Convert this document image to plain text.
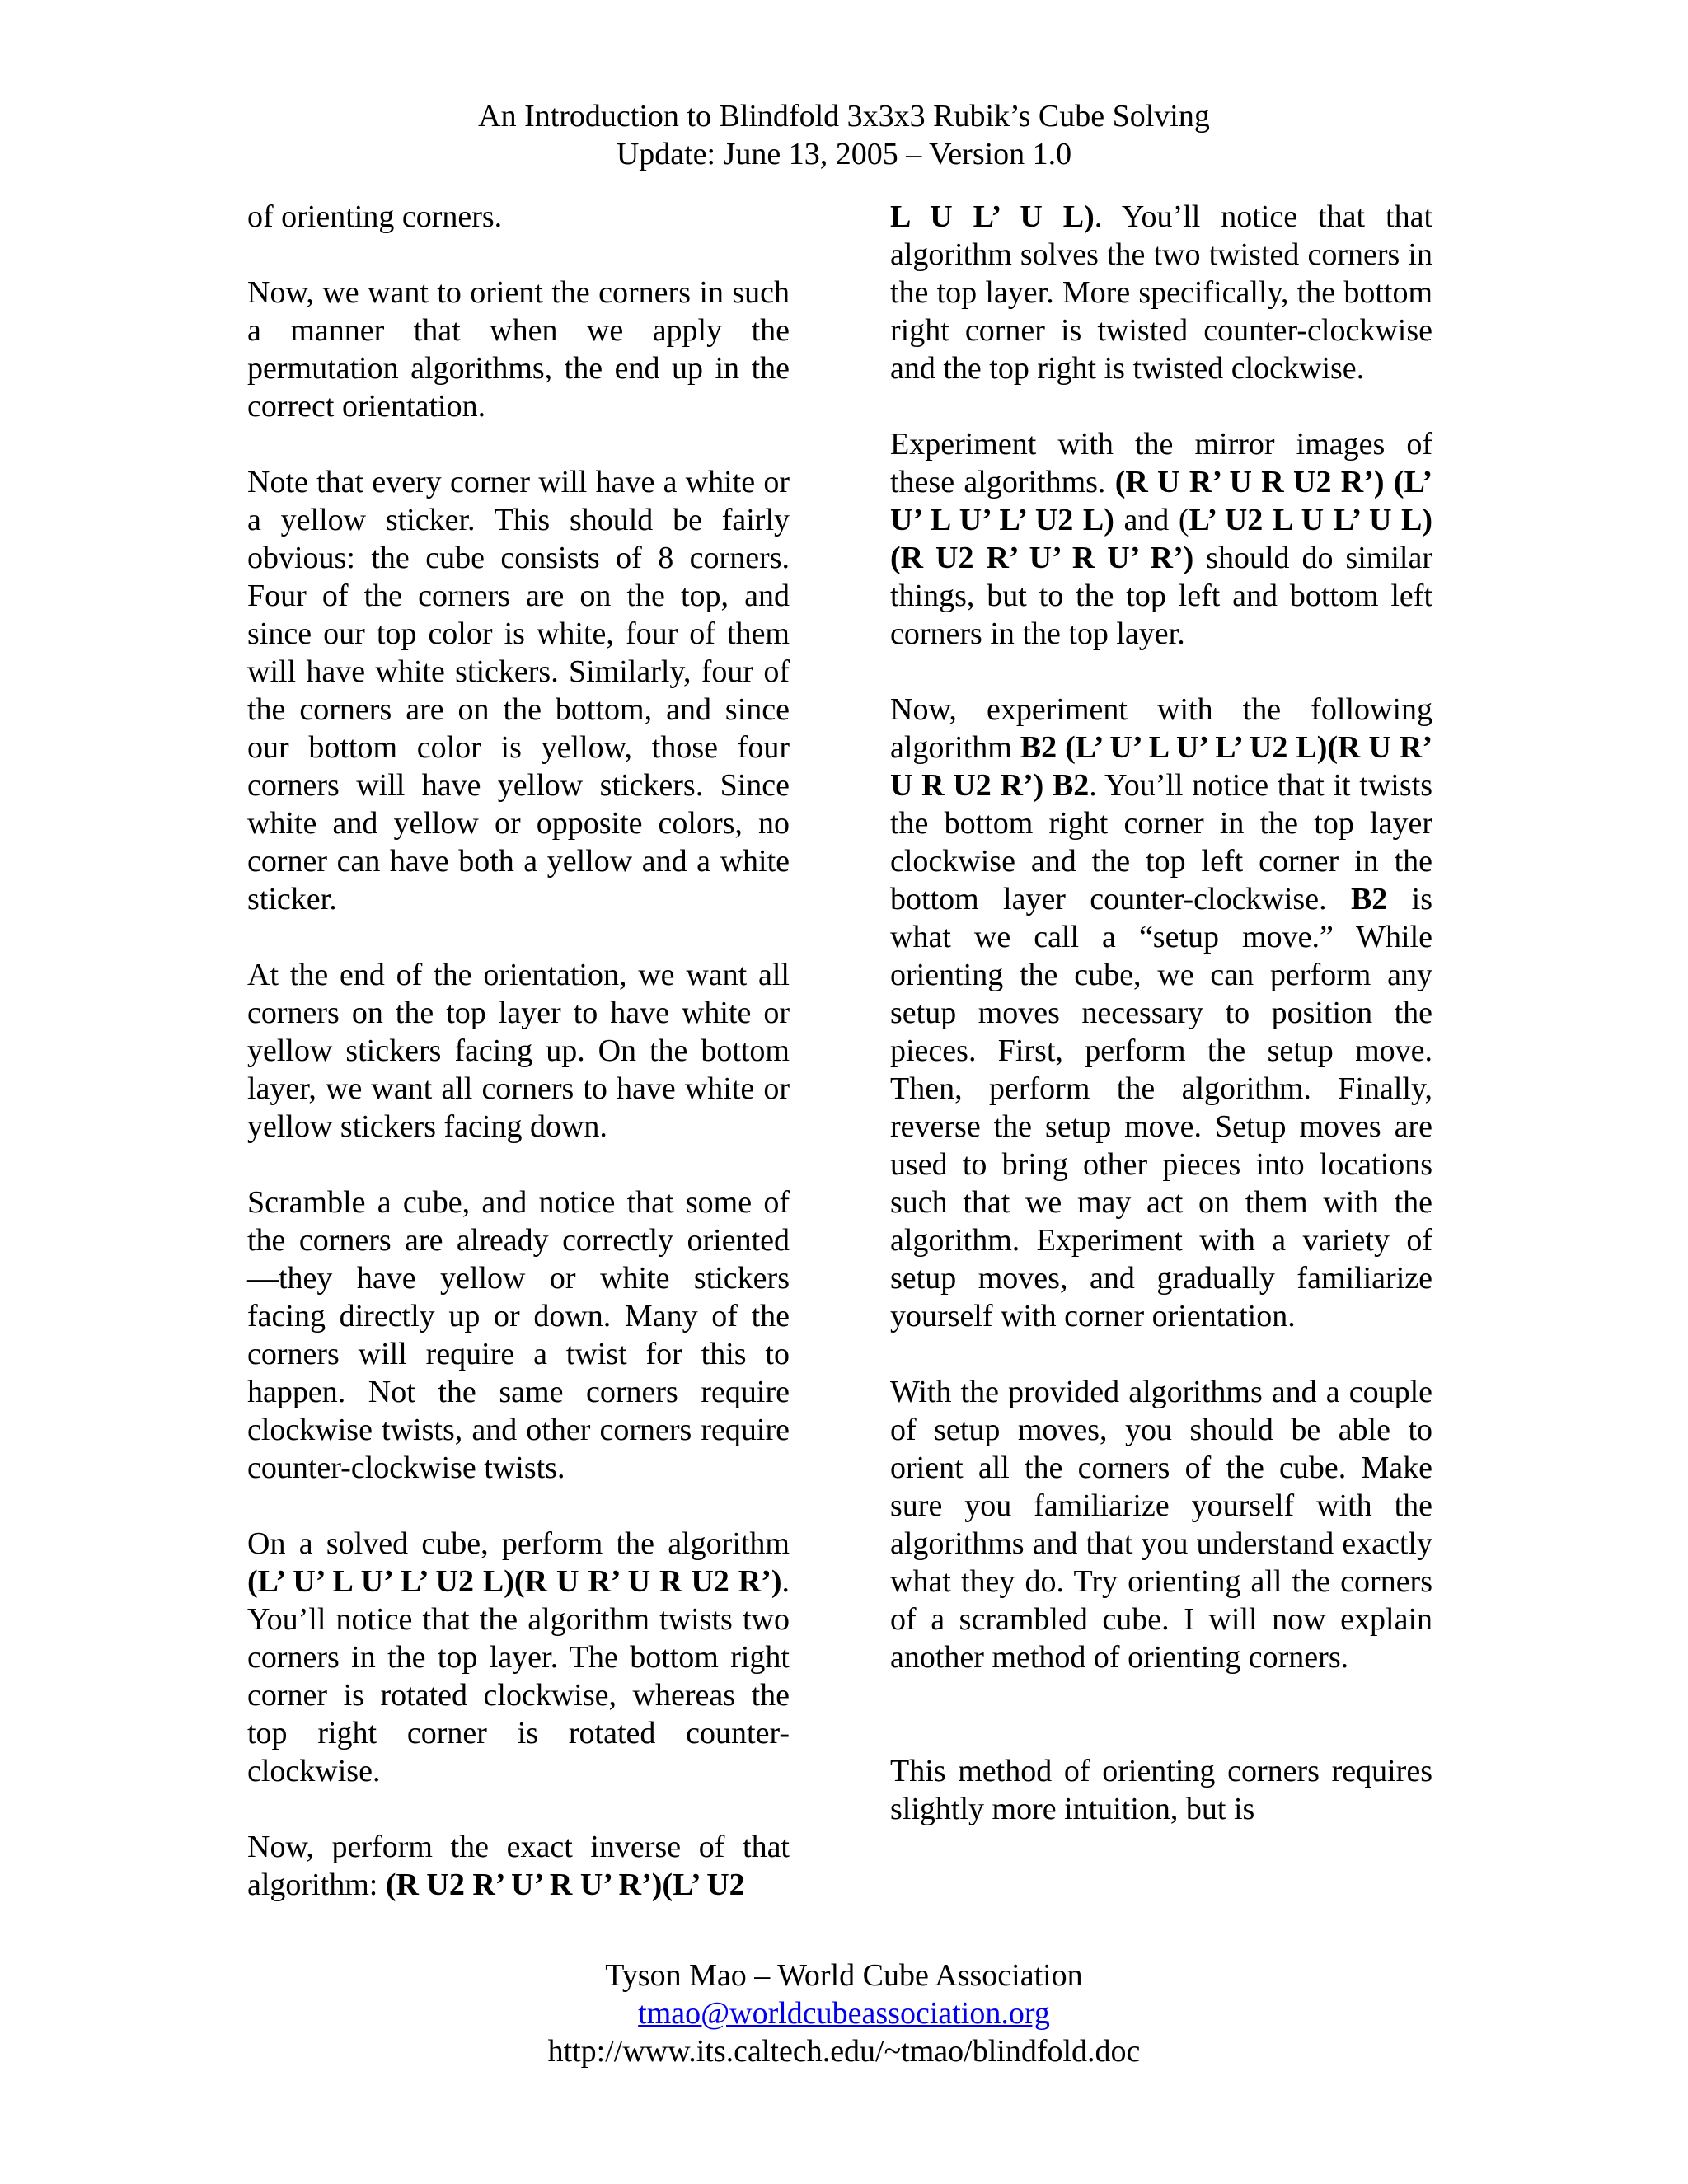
An Introduction to Blindfold 3x3x3 Rubik’s Cube Solving
Update: June 13, 2005 – Version 1.0

of orienting corners.

Now, we want to orient the corners in such a manner that when we apply the permutation algorithms, the end up in the correct orientation.

Note that every corner will have a white or a yellow sticker. This should be fairly obvious: the cube consists of 8 corners. Four of the corners are on the top, and since our top color is white, four of them will have white stickers. Similarly, four of the corners are on the bottom, and since our bottom color is yellow, those four corners will have yellow stickers. Since white and yellow or opposite colors, no corner can have both a yellow and a white sticker.

At the end of the orientation, we want all corners on the top layer to have white or yellow stickers facing up. On the bottom layer, we want all corners to have white or yellow stickers facing down.

Scramble a cube, and notice that some of the corners are already correctly oriented —they have yellow or white stickers facing directly up or down. Many of the corners will require a twist for this to happen. Not the same corners require clockwise twists, and other corners require counter-clockwise twists.

On a solved cube, perform the algorithm (L’ U’ L U’ L’ U2 L)(R U R’ U R U2 R’). You’ll notice that the algorithm twists two corners in the top layer. The bottom right corner is rotated clockwise, whereas the top right corner is rotated counter-clockwise.

Now, perform the exact inverse of that algorithm: (R U2 R’ U’ R U’ R’)(L’ U2

L U L’ U L). You’ll notice that that algorithm solves the two twisted corners in the top layer. More specifically, the bottom right corner is twisted counter-clockwise and the top right is twisted clockwise.

Experiment with the mirror images of these algorithms. (R U R’ U R U2 R’) (L’ U’ L U’ L’ U2 L) and (L’ U2 L U L’ U L) (R U2 R’ U’ R U’ R’) should do similar things, but to the top left and bottom left corners in the top layer.

Now, experiment with the following algorithm B2 (L’ U’ L U’ L’ U2 L)(R U R’ U R U2 R’) B2. You’ll notice that it twists the bottom right corner in the top layer clockwise and the top left corner in the bottom layer counter-clockwise. B2 is what we call a “setup move.” While orienting the cube, we can perform any setup moves necessary to position the pieces. First, perform the setup move. Then, perform the algorithm. Finally, reverse the setup move. Setup moves are used to bring other pieces into locations such that we may act on them with the algorithm. Experiment with a variety of setup moves, and gradually familiarize yourself with corner orientation.

With the provided algorithms and a couple of setup moves, you should be able to orient all the corners of the cube. Make sure you familiarize yourself with the algorithms and that you understand exactly what they do. Try orienting all the corners of a scrambled cube. I will now explain another method of orienting corners.

This method of orienting corners requires slightly more intuition, but is

Tyson Mao – World Cube Association
tmao@worldcubeassociation.org
http://www.its.caltech.edu/~tmao/blindfold.doc
